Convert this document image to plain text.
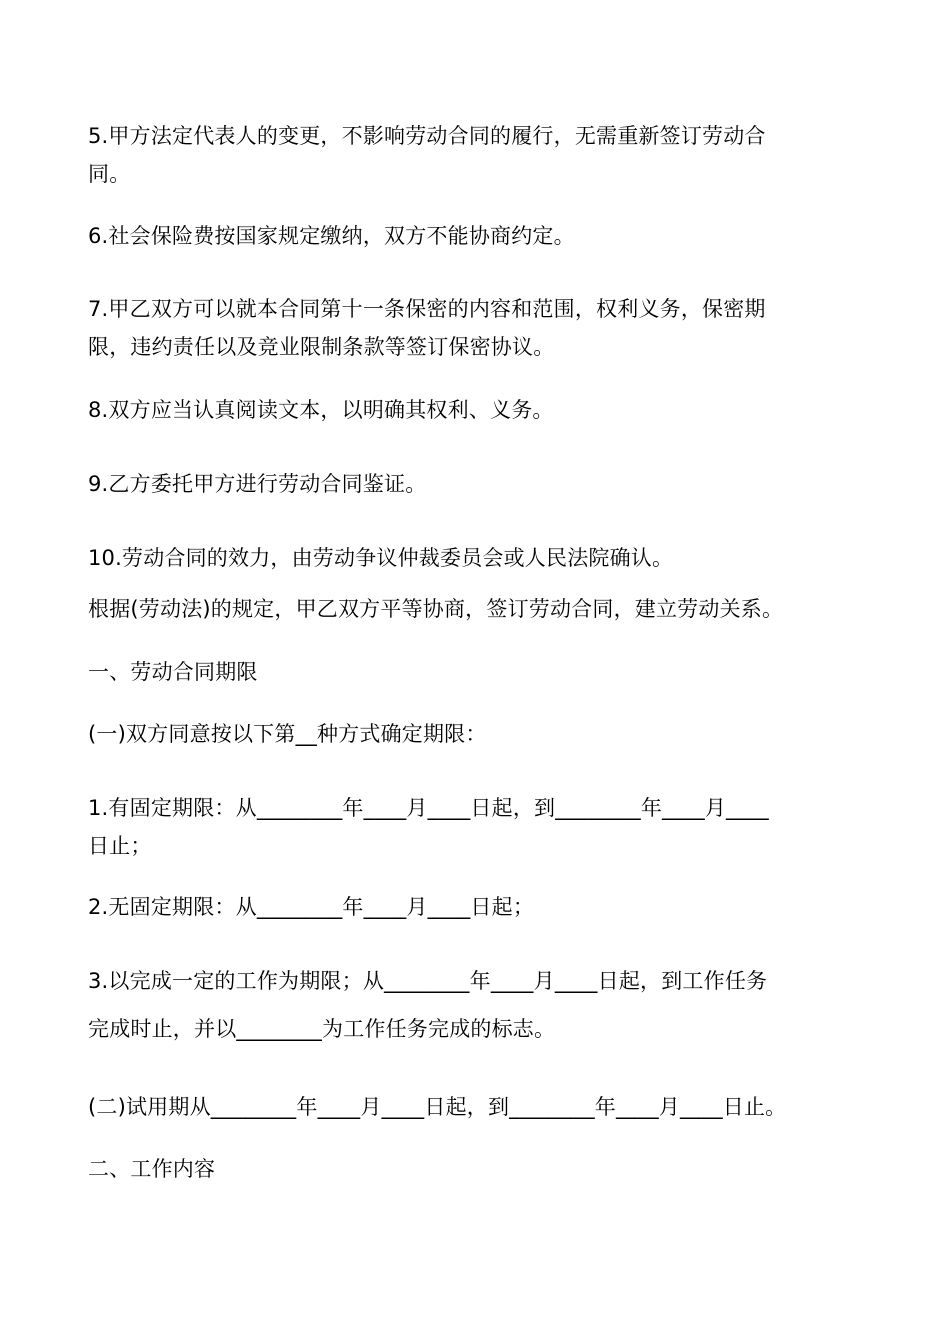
5.甲方法定代表人的变更，不影响劳动合同的履行，无需重新签订劳动合
同。
6.社会保险费按国家规定缴纳，双方不能协商约定。
7.甲乙双方可以就本合同第十一条保密的内容和范围，权利义务，保密期
限，违约责任以及竞业限制条款等签订保密协议。
8.双方应当认真阅读文本，以明确其权利、义务。
9.乙方委托甲方进行劳动合同鉴证。
10.劳动合同的效力，由劳动争议仲裁委员会或人民法院确认。
根据(劳动法)的规定，甲乙双方平等协商，签订劳动合同，建立劳动关系。
一、劳动合同期限
(一)双方同意按以下第__种方式确定期限：
1.有固定期限：从________年____月____日起，到________年____月____
日止；
2.无固定期限：从________年____月____日起；
3.以完成一定的工作为期限；从________年____月____日起，到工作任务
完成时止，并以________为工作任务完成的标志。
(二)试用期从________年____月____日起，到________年____月____日止。
二、工作内容
